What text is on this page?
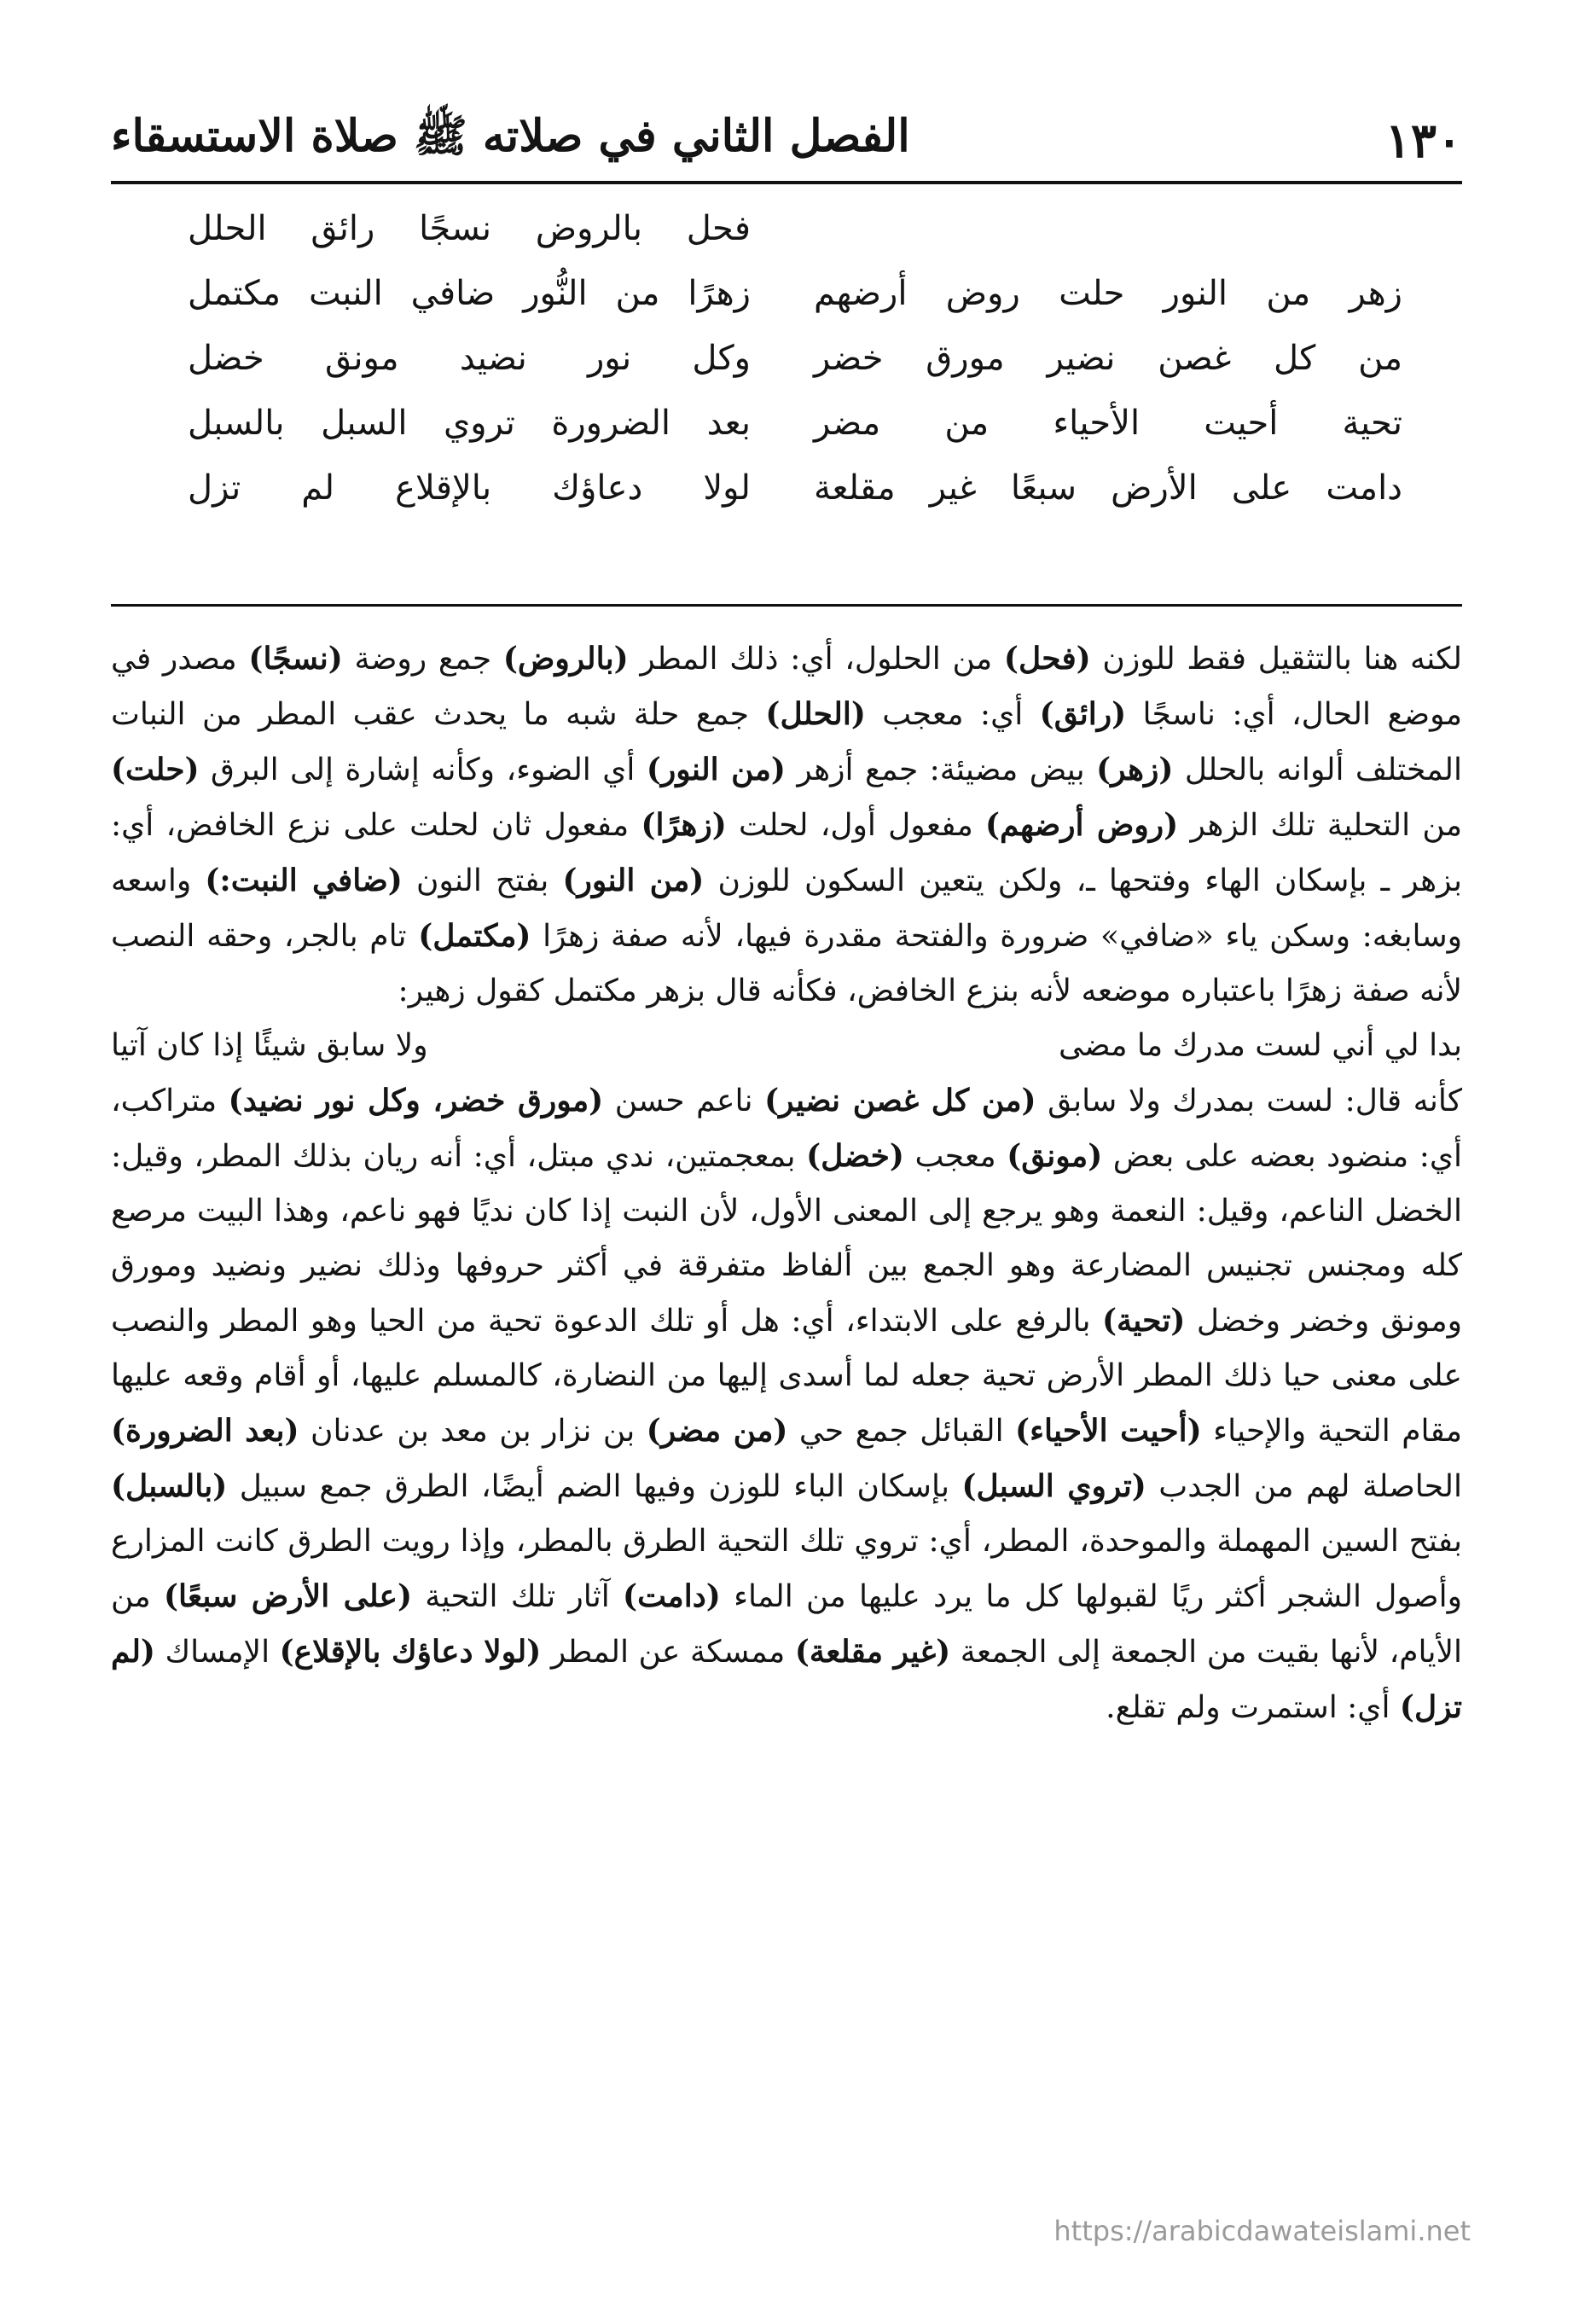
١٣٠
الفصل الثاني في صلاته ﷺ صلاة الاستسقاء
فحل بالروض نسجًا رائق الحلل
زهر من النور حلت روض أرضهم
زهرًا من النُّور ضافي النبت مكتمل
من كل غصن نضير مورق خضر
وكل نور نضيد مونق خضل
تحية أحيت الأحياء من مضر
بعد الضرورة تروي السبل بالسبل
دامت على الأرض سبعًا غير مقلعة
لولا دعاؤك بالإقلاع لم تزل

لكنه هنا بالتثقيل فقط للوزن (فحل) من الحلول، أي: ذلك المطر (بالروض) جمع روضة (نسجًا) مصدر في موضع الحال، أي: ناسجًا (رائق) أي: معجب (الحلل) جمع حلة شبه ما يحدث عقب المطر من النبات المختلف ألوانه بالحلل (زهر) بيض مضيئة: جمع أزهر (من النور) أي الضوء، وكأنه إشارة إلى البرق (حلت) من التحلية تلك الزهر (روض أرضهم) مفعول أول، لحلت (زهرًا) مفعول ثان لحلت على نزع الخافض، أي: بزهر ـ بإسكان الهاء وفتحها ـ، ولكن يتعين السكون للوزن (من النور) بفتح النون (ضافي النبت:) واسعه وسابغه: وسكن ياء «ضافي» ضرورة والفتحة مقدرة فيها، لأنه صفة زهرًا (مكتمل) تام بالجر، وحقه النصب لأنه صفة زهرًا باعتباره موضعه لأنه بنزع الخافض، فكأنه قال بزهر مكتمل كقول زهير:

بدا لي أني لست مدرك ما مضى
ولا سابق شيئًا إذا كان آتيا

كأنه قال: لست بمدرك ولا سابق (من كل غصن نضير) ناعم حسن (مورق خضر، وكل نور نضيد) متراكب، أي: منضود بعضه على بعض (مونق) معجب (خضل) بمعجمتين، ندي مبتل، أي: أنه ريان بذلك المطر، وقيل: الخضل الناعم، وقيل: النعمة وهو يرجع إلى المعنى الأول، لأن النبت إذا كان نديًا فهو ناعم، وهذا البيت مرصع كله ومجنس تجنيس المضارعة وهو الجمع بين ألفاظ متفرقة في أكثر حروفها وذلك نضير ونضيد ومورق ومونق وخضر وخضل (تحية) بالرفع على الابتداء، أي: هل أو تلك الدعوة تحية من الحيا وهو المطر والنصب على معنى حيا ذلك المطر الأرض تحية جعله لما أسدى إليها من النضارة، كالمسلم عليها، أو أقام وقعه عليها مقام التحية والإحياء (أحيت الأحياء) القبائل جمع حي (من مضر) بن نزار بن معد بن عدنان (بعد الضرورة) الحاصلة لهم من الجدب (تروي السبل) بإسكان الباء للوزن وفيها الضم أيضًا، الطرق جمع سبيل (بالسبل) بفتح السين المهملة والموحدة، المطر، أي: تروي تلك التحية الطرق بالمطر، وإذا رويت الطرق كانت المزارع وأصول الشجر أكثر ريًا لقبولها كل ما يرد عليها من الماء (دامت) آثار تلك التحية (على الأرض سبعًا) من الأيام، لأنها بقيت من الجمعة إلى الجمعة (غير مقلعة) ممسكة عن المطر (لولا دعاؤك بالإقلاع) الإمساك (لم تزل) أي: استمرت ولم تقلع.

https://arabicdawateislami.net
